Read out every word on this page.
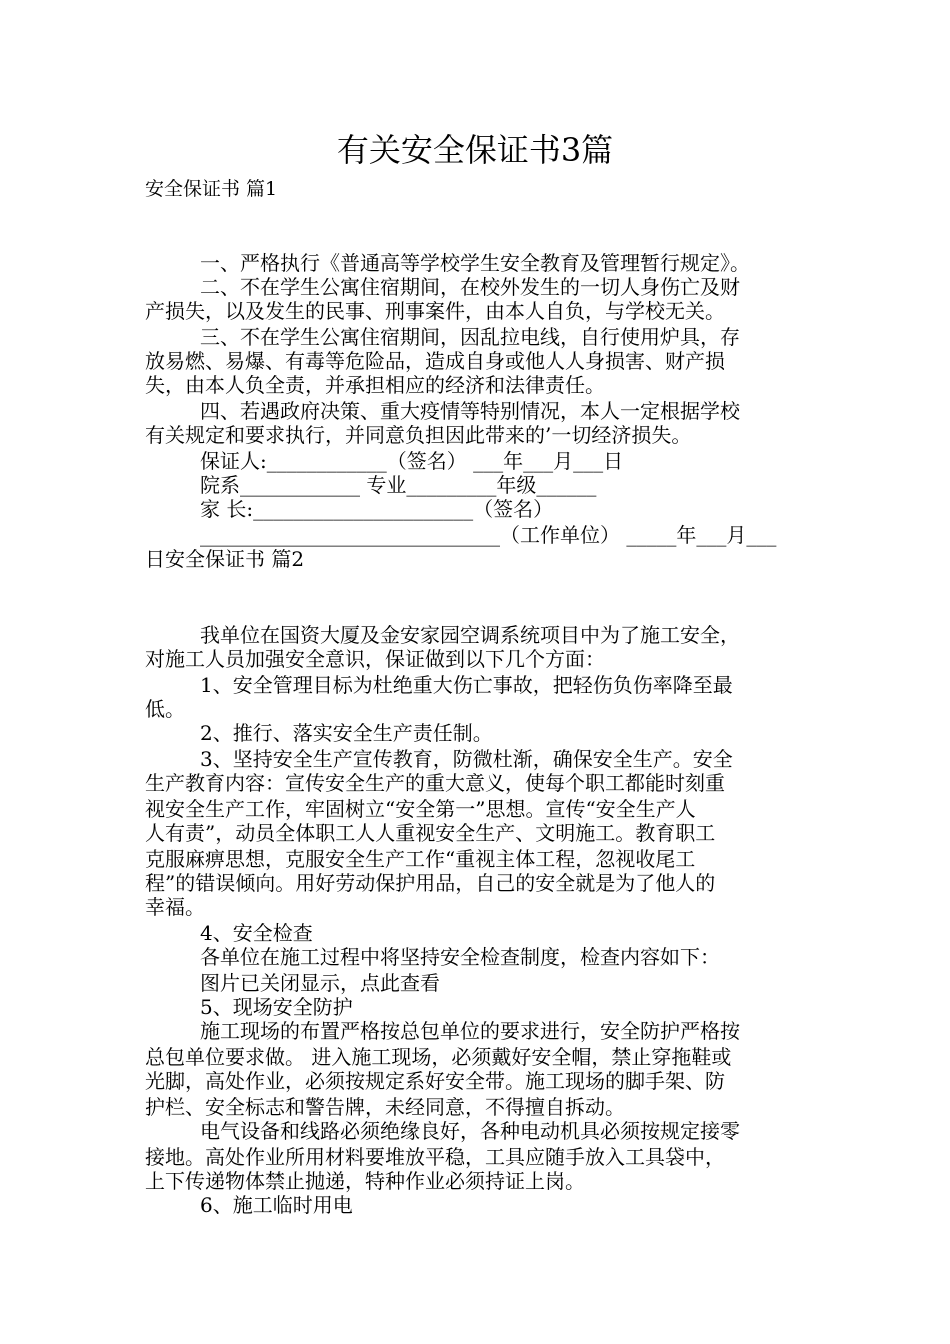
有关安全保证书3篇
安全保证书 篇1
一、严格执行《普通高等学校学生安全教育及管理暂行规定》。
二、不在学生公寓住宿期间，在校外发生的一切人身伤亡及财
产损失，以及发生的民事、刑事案件，由本人自负，与学校无关。
三、不在学生公寓住宿期间，因乱拉电线，自行使用炉具，存
放易燃、易爆、有毒等危险品，造成自身或他人人身损害、财产损
失，由本人负全责，并承担相应的经济和法律责任。
四、若遇政府决策、重大疫情等特别情况，本人一定根据学校
有关规定和要求执行，并同意负担因此带来的’一切经济损失。
保证人:____________（签名） ___年___月___日
院系____________ 专业_________年级______
家 长:______________________（签名）
______________________________（工作单位） _____年___月___
日安全保证书 篇2
我单位在国资大厦及金安家园空调系统项目中为了施工安全，
对施工人员加强安全意识，保证做到以下几个方面：
1、安全管理目标为杜绝重大伤亡事故，把轻伤负伤率降至最
低。
2、推行、落实安全生产责任制。
3、坚持安全生产宣传教育，防微杜渐，确保安全生产。安全
生产教育内容：宣传安全生产的重大意义，使每个职工都能时刻重
视安全生产工作，牢固树立“安全第一”思想。宣传“安全生产人
人有责”，动员全体职工人人重视安全生产、文明施工。教育职工
克服麻痹思想，克服安全生产工作“重视主体工程，忽视收尾工
程”的错误倾向。用好劳动保护用品，自己的安全就是为了他人的
幸福。
4、安全检查
各单位在施工过程中将坚持安全检查制度，检查内容如下：
图片已关闭显示，点此查看
5、现场安全防护
施工现场的布置严格按总包单位的要求进行，安全防护严格按
总包单位要求做。 进入施工现场，必须戴好安全帽，禁止穿拖鞋或
光脚，高处作业，必须按规定系好安全带。施工现场的脚手架、防
护栏、安全标志和警告牌，未经同意，不得擅自拆动。
电气设备和线路必须绝缘良好，各种电动机具必须按规定接零
接地。高处作业所用材料要堆放平稳，工具应随手放入工具袋中，
上下传递物体禁止抛递，特种作业必须持证上岗。
6、施工临时用电
